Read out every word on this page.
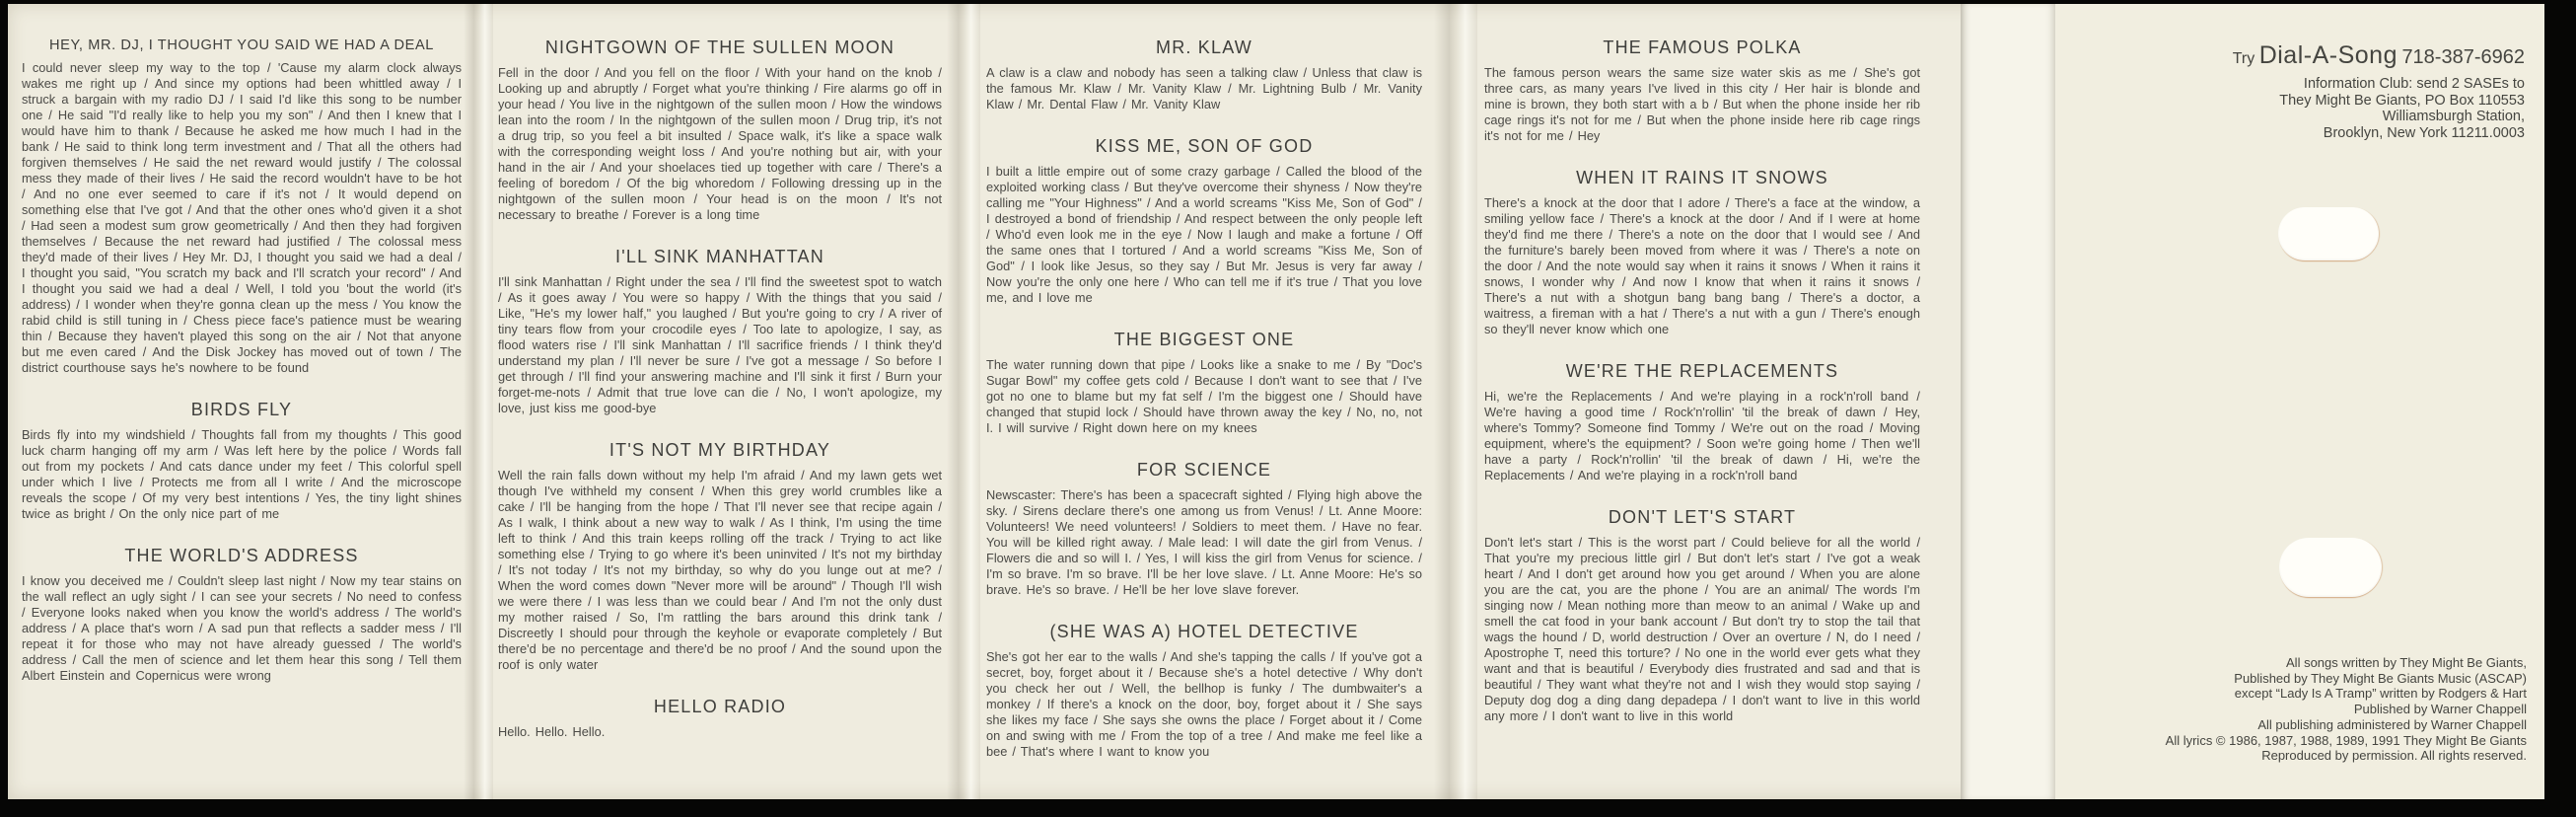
HEY, MR. DJ, I THOUGHT YOU SAID WE HAD A DEAL

I could never sleep my way to the top / 'Cause my alarm clock always wakes me right up / And since my options had been whittled away / I struck a bargain with my radio DJ / I said I'd like this song to be number one / He said "I'd really like to help you my son" / And then I knew that I would have him to thank / Because he asked me how much I had in the bank / He said to think long term investment and / That all the others had forgiven themselves / He said the net reward would justify / The colossal mess they made of their lives / He said the record wouldn't have to be hot / And no one ever seemed to care if it's not / It would depend on something else that I've got / And that the other ones who'd given it a shot / Had seen a modest sum grow geometrically / And then they had forgiven themselves / Because the net reward had justified / The colossal mess they'd made of their lives / Hey Mr. DJ, I thought you said we had a deal / I thought you said, "You scratch my back and I'll scratch your record" / And I thought you said we had a deal / Well, I told you 'bout the world (it's address) / I wonder when they're gonna clean up the mess / You know the rabid child is still tuning in / Chess piece face's patience must be wearing thin / Because they haven't played this song on the air / Not that anyone but me even cared / And the Disk Jockey has moved out of town / The district courthouse says he's nowhere to be found

BIRDS FLY

Birds fly into my windshield / Thoughts fall from my thoughts / This good luck charm hanging off my arm / Was left here by the police / Words fall out from my pockets / And cats dance under my feet / This colorful spell under which I live / Protects me from all I write / And the microscope reveals the scope / Of my very best intentions / Yes, the tiny light shines twice as bright / On the only nice part of me

THE WORLD'S ADDRESS

I know you deceived me / Couldn't sleep last night / Now my tear stains on the wall reflect an ugly sight / I can see your secrets / No need to confess / Everyone looks naked when you know the world's address / The world's address / A place that's worn / A sad pun that reflects a sadder mess / I'll repeat it for those who may not have already guessed / The world's address / Call the men of science and let them hear this song / Tell them Albert Einstein and Copernicus were wrong

NIGHTGOWN OF THE SULLEN MOON

Fell in the door / And you fell on the floor / With your hand on the knob / Looking up and abruptly / Forget what you're thinking / Fire alarms go off in your head / You live in the nightgown of the sullen moon / How the windows lean into the room / In the nightgown of the sullen moon / Drug trip, it's not a drug trip, so you feel a bit insulted / Space walk, it's like a space walk with the corresponding weight loss / And you're nothing but air, with your hand in the air / And your shoelaces tied up together with care / There's a feeling of boredom / Of the big whoredom / Following dressing up in the nightgown of the sullen moon / Your head is on the moon / It's not necessary to breathe / Forever is a long time

I'LL SINK MANHATTAN

I'll sink Manhattan / Right under the sea / I'll find the sweetest spot to watch / As it goes away / You were so happy / With the things that you said / Like, "He's my lower half," you laughed / But you're going to cry / A river of tiny tears flow from your crocodile eyes / Too late to apologize, I say, as flood waters rise / I'll sink Manhattan / I'll sacrifice friends / I think they'd understand my plan / I'll never be sure / I've got a message / So before I get through / I'll find your answering machine and I'll sink it first / Burn your forget-me-nots / Admit that true love can die / No, I won't apologize, my love, just kiss me good-bye

IT'S NOT MY BIRTHDAY

Well the rain falls down without my help I'm afraid / And my lawn gets wet though I've withheld my consent / When this grey world crumbles like a cake / I'll be hanging from the hope / That I'll never see that recipe again / As I walk, I think about a new way to walk / As I think, I'm using the time left to think / And this train keeps rolling off the track / Trying to act like something else / Trying to go where it's been uninvited / It's not my birthday / It's not today / It's not my birthday, so why do you lunge out at me? / When the word comes down "Never more will be around" / Though I'll wish we were there / I was less than we could bear / And I'm not the only dust my mother raised / So, I'm rattling the bars around this drink tank / Discreetly I should pour through the keyhole or evaporate completely / But there'd be no percentage and there'd be no proof / And the sound upon the roof is only water

HELLO RADIO

Hello. Hello. Hello.

MR. KLAW

A claw is a claw and nobody has seen a talking claw / Unless that claw is the famous Mr. Klaw / Mr. Vanity Klaw / Mr. Lightning Bulb / Mr. Vanity Klaw / Mr. Dental Flaw / Mr. Vanity Klaw

KISS ME, SON OF GOD

I built a little empire out of some crazy garbage / Called the blood of the exploited working class / But they've overcome their shyness / Now they're calling me "Your Highness" / And a world screams "Kiss Me, Son of God" / I destroyed a bond of friendship / And respect between the only people left / Who'd even look me in the eye / Now I laugh and make a fortune / Off the same ones that I tortured / And a world screams "Kiss Me, Son of God" / I look like Jesus, so they say / But Mr. Jesus is very far away / Now you're the only one here / Who can tell me if it's true / That you love me, and I love me

THE BIGGEST ONE

The water running down that pipe / Looks like a snake to me / By "Doc's Sugar Bowl" my coffee gets cold / Because I don't want to see that / I've got no one to blame but my fat self / I'm the biggest one / Should have changed that stupid lock / Should have thrown away the key / No, no, not I. I will survive / Right down here on my knees

FOR SCIENCE

Newscaster: There's has been a spacecraft sighted / Flying high above the sky. / Sirens declare there's one among us from Venus! / Lt. Anne Moore: Volunteers! We need volunteers! / Soldiers to meet them. / Have no fear. You will be killed right away. / Male lead: I will date the girl from Venus. / Flowers die and so will I. / Yes, I will kiss the girl from Venus for science. / I'm so brave. I'm so brave. I'll be her love slave. / Lt. Anne Moore: He's so brave. He's so brave. / He'll be her love slave forever.

(SHE WAS A) HOTEL DETECTIVE

She's got her ear to the walls / And she's tapping the calls / If you've got a secret, boy, forget about it / Because she's a hotel detective / Why don't you check her out / Well, the bellhop is funky / The dumbwaiter's a monkey / If there's a knock on the door, boy, forget about it / She says she likes my face / She says she owns the place / Forget about it / Come on and swing with me / From the top of a tree / And make me feel like a bee / That's where I want to know you

THE FAMOUS POLKA

The famous person wears the same size water skis as me / She's got three cars, as many years I've lived in this city / Her hair is blonde and mine is brown, they both start with a b / But when the phone inside her rib cage rings it's not for me / But when the phone inside here rib cage rings it's not for me / Hey

WHEN IT RAINS IT SNOWS

There's a knock at the door that I adore / There's a face at the window, a smiling yellow face / There's a knock at the door / And if I were at home they'd find me there / There's a note on the door that I would see / And the furniture's barely been moved from where it was / There's a note on the door / And the note would say when it rains it snows / When it rains it snows, I wonder why / And now I know that when it rains it snows / There's a nut with a shotgun bang bang bang / There's a doctor, a waitress, a fireman with a hat / There's a nut with a gun / There's enough so they'll never know which one

WE'RE THE REPLACEMENTS

Hi, we're the Replacements / And we're playing in a rock'n'roll band / We're having a good time / Rock'n'rollin' 'til the break of dawn / Hey, where's Tommy? Someone find Tommy / We're out on the road / Moving equipment, where's the equipment? / Soon we're going home / Then we'll have a party / Rock'n'rollin' 'til the break of dawn / Hi, we're the Replacements / And we're playing in a rock'n'roll band

DON'T LET'S START

Don't let's start / This is the worst part / Could believe for all the world / That you're my precious little girl / But don't let's start / I've got a weak heart / And I don't get around how you get around / When you are alone you are the cat, you are the phone / You are an animal/ The words I'm singing now / Mean nothing more than meow to an animal / Wake up and smell the cat food in your bank account / But don't try to stop the tail that wags the hound / D, world destruction / Over an overture / N, do I need / Apostrophe T, need this torture? / No one in the world ever gets what they want and that is beautiful / Everybody dies frustrated and sad and that is beautiful / They want what they're not and I wish they would stop saying / Deputy dog dog a ding dang depadepa / I don't want to live in this world any more / I don't want to live in this world

Try Dial-A-Song 718-387-6962
Information Club: send 2 SASEs to
They Might Be Giants, PO Box 110553
Williamsburgh Station,
Brooklyn, New York 11211.0003
All songs written by They Might Be Giants,
Published by They Might Be Giants Music (ASCAP)
except “Lady Is A Tramp” written by Rodgers & Hart
Published by Warner Chappell
All publishing administered by Warner Chappell
All lyrics © 1986, 1987, 1988, 1989, 1991 They Might Be Giants
Reproduced by permission. All rights reserved.
